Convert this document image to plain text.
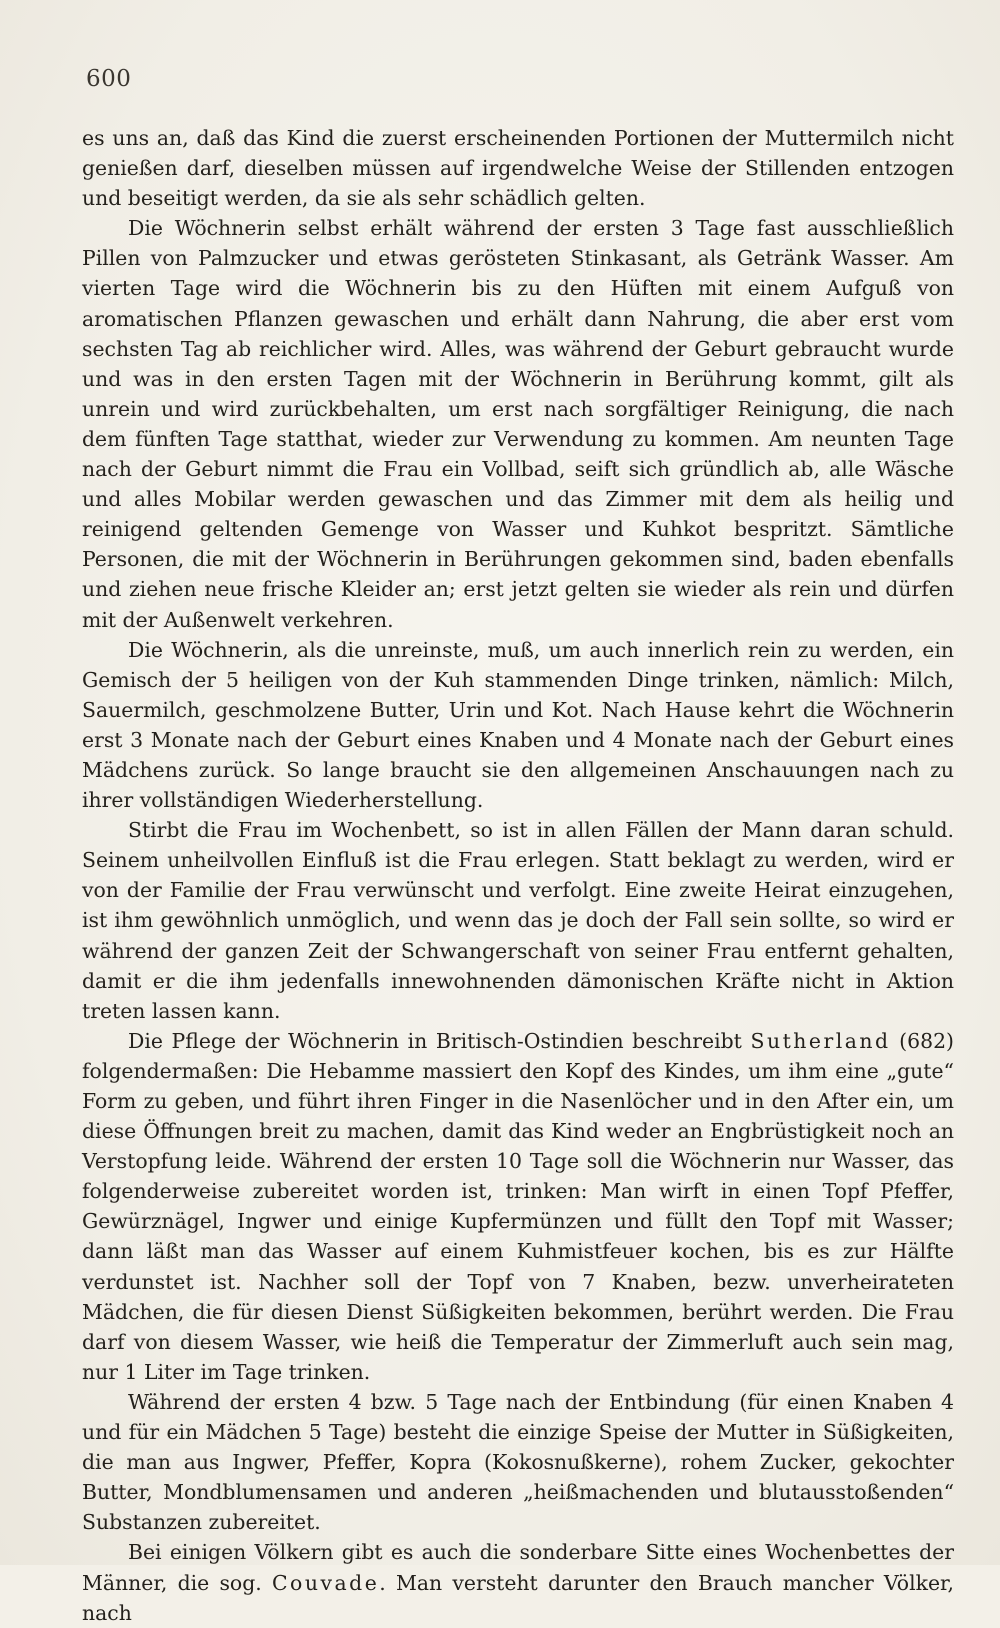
600

es uns an, daß das Kind die zuerst erscheinenden Portionen der Muttermilch nicht genießen darf, dieselben müssen auf irgendwelche Weise der Stillenden entzogen und beseitigt werden, da sie als sehr schädlich gelten.

Die Wöchnerin selbst erhält während der ersten 3 Tage fast ausschließlich Pillen von Palmzucker und etwas gerösteten Stinkasant, als Getränk Wasser. Am vierten Tage wird die Wöchnerin bis zu den Hüften mit einem Aufguß von aromatischen Pflanzen gewaschen und erhält dann Nahrung, die aber erst vom sechsten Tag ab reichlicher wird. Alles, was während der Geburt gebraucht wurde und was in den ersten Tagen mit der Wöchnerin in Berührung kommt, gilt als unrein und wird zurückbehalten, um erst nach sorgfältiger Reinigung, die nach dem fünften Tage statthat, wieder zur Verwendung zu kommen. Am neunten Tage nach der Geburt nimmt die Frau ein Vollbad, seift sich gründlich ab, alle Wäsche und alles Mobilar werden gewaschen und das Zimmer mit dem als heilig und reinigend geltenden Gemenge von Wasser und Kuhkot bespritzt. Sämtliche Personen, die mit der Wöchnerin in Berührungen gekommen sind, baden ebenfalls und ziehen neue frische Kleider an; erst jetzt gelten sie wieder als rein und dürfen mit der Außenwelt verkehren.

Die Wöchnerin, als die unreinste, muß, um auch innerlich rein zu werden, ein Gemisch der 5 heiligen von der Kuh stammenden Dinge trinken, nämlich: Milch, Sauermilch, geschmolzene Butter, Urin und Kot. Nach Hause kehrt die Wöchnerin erst 3 Monate nach der Geburt eines Knaben und 4 Monate nach der Geburt eines Mädchens zurück. So lange braucht sie den allgemeinen Anschauungen nach zu ihrer vollständigen Wiederherstellung.

Stirbt die Frau im Wochenbett, so ist in allen Fällen der Mann daran schuld. Seinem unheilvollen Einfluß ist die Frau erlegen. Statt beklagt zu werden, wird er von der Familie der Frau verwünscht und verfolgt. Eine zweite Heirat einzugehen, ist ihm gewöhnlich unmöglich, und wenn das je doch der Fall sein sollte, so wird er während der ganzen Zeit der Schwangerschaft von seiner Frau entfernt gehalten, damit er die ihm jedenfalls innewohnenden dämonischen Kräfte nicht in Aktion treten lassen kann.

Die Pflege der Wöchnerin in Britisch-Ostindien beschreibt Sutherland (682) folgendermaßen: Die Hebamme massiert den Kopf des Kindes, um ihm eine „gute“ Form zu geben, und führt ihren Finger in die Nasenlöcher und in den After ein, um diese Öffnungen breit zu machen, damit das Kind weder an Engbrüstigkeit noch an Verstopfung leide. Während der ersten 10 Tage soll die Wöchnerin nur Wasser, das folgenderweise zubereitet worden ist, trinken: Man wirft in einen Topf Pfeffer, Gewürznägel, Ingwer und einige Kupfermünzen und füllt den Topf mit Wasser; dann läßt man das Wasser auf einem Kuhmistfeuer kochen, bis es zur Hälfte verdunstet ist. Nachher soll der Topf von 7 Knaben, bezw. unverheirateten Mädchen, die für diesen Dienst Süßigkeiten bekommen, berührt werden. Die Frau darf von diesem Wasser, wie heiß die Temperatur der Zimmerluft auch sein mag, nur 1 Liter im Tage trinken.

Während der ersten 4 bzw. 5 Tage nach der Entbindung (für einen Knaben 4 und für ein Mädchen 5 Tage) besteht die einzige Speise der Mutter in Süßigkeiten, die man aus Ingwer, Pfeffer, Kopra (Kokosnußkerne), rohem Zucker, gekochter Butter, Mondblumensamen und anderen „heißmachenden und blutausstoßenden“ Substanzen zubereitet.

Bei einigen Völkern gibt es auch die sonderbare Sitte eines Wochenbettes der Männer, die sog. Couvade. Man versteht darunter den Brauch mancher Völker, nach
